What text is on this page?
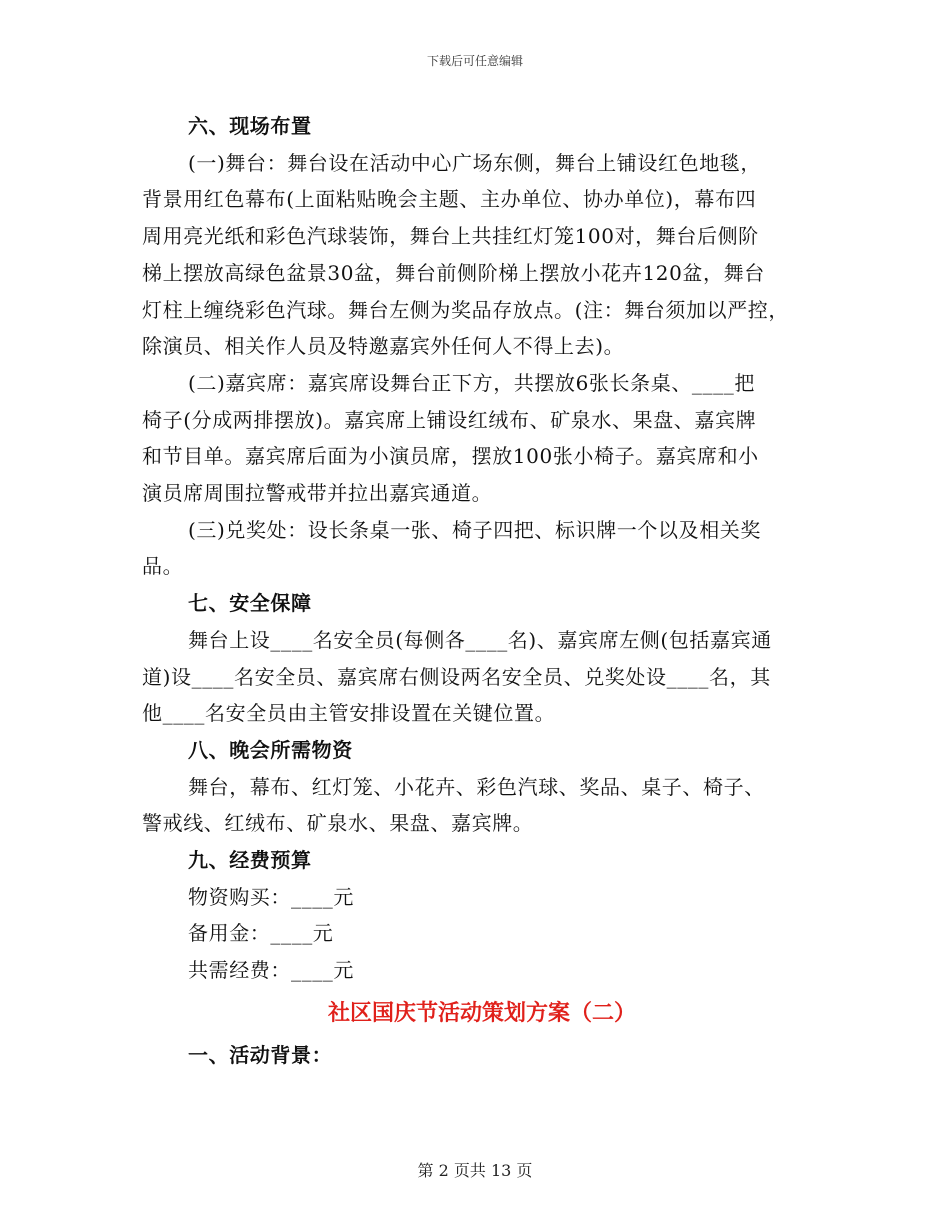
下载后可任意编辑
六、现场布置
(一)舞台：舞台设在活动中心广场东侧，舞台上铺设红色地毯，
背景用红色幕布(上面粘贴晚会主题、主办单位、协办单位)，幕布四
周用亮光纸和彩色汽球装饰，舞台上共挂红灯笼100对，舞台后侧阶
梯上摆放高绿色盆景30盆，舞台前侧阶梯上摆放小花卉120盆，舞台
灯柱上缠绕彩色汽球。舞台左侧为奖品存放点。(注：舞台须加以严控，
除演员、相关作人员及特邀嘉宾外任何人不得上去)。
(二)嘉宾席：嘉宾席设舞台正下方，共摆放6张长条桌、____把
椅子(分成两排摆放)。嘉宾席上铺设红绒布、矿泉水、果盘、嘉宾牌
和节目单。嘉宾席后面为小演员席，摆放100张小椅子。嘉宾席和小
演员席周围拉警戒带并拉出嘉宾通道。
(三)兑奖处：设长条桌一张、椅子四把、标识牌一个以及相关奖
品。
七、安全保障
舞台上设____名安全员(每侧各____名)、嘉宾席左侧(包括嘉宾通
道)设____名安全员、嘉宾席右侧设两名安全员、兑奖处设____名，其
他____名安全员由主管安排设置在关键位置。
八、晚会所需物资
舞台，幕布、红灯笼、小花卉、彩色汽球、奖品、桌子、椅子、
警戒线、红绒布、矿泉水、果盘、嘉宾牌。
九、经费预算
物资购买：____元
备用金：____元
共需经费：____元
社区国庆节活动策划方案（二）
一、活动背景：
第 2 页共 13 页
